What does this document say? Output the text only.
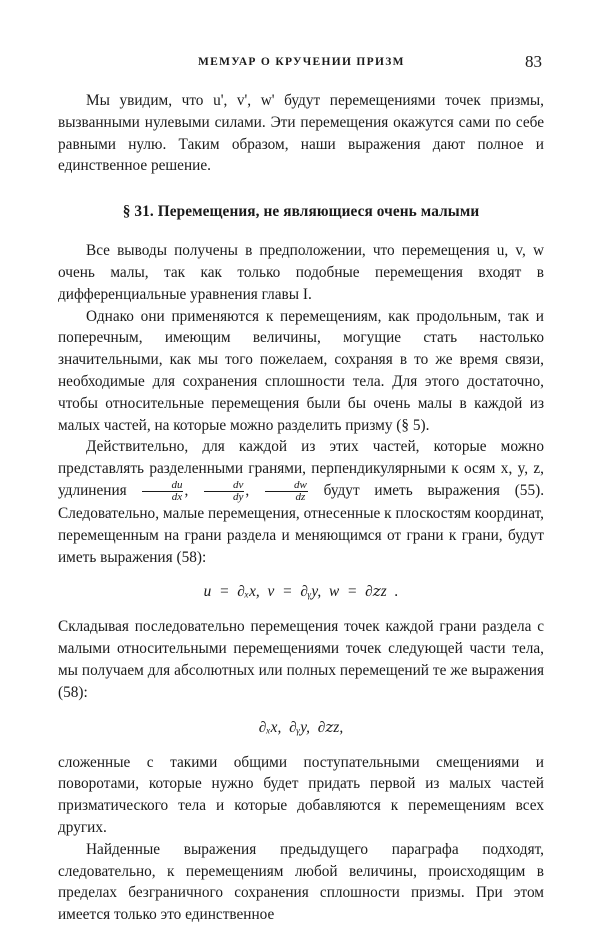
МЕМУАР О КРУЧЕНИИ ПРИЗМ	83

Мы увидим, что u', v', w' будут перемещениями точек призмы, вызванными нулевыми силами. Эти перемещения окажутся сами по себе равными нулю. Таким образом, наши выражения дают полное и единственное решение.

§ 31. Перемещения, не являющиеся очень малыми

Все выводы получены в предположении, что перемещения u, v, w очень малы, так как только подобные перемещения входят в дифференциальные уравнения главы I.

Однако они применяются к перемещениям, как продольным, так и поперечным, имеющим величины, могущие стать настолько значительными, как мы того пожелаем, сохраняя в то же время связи, необходимые для сохранения сплошности тела. Для этого достаточно, чтобы относительные перемещения были бы очень малы в каждой из малых частей, на которые можно разделить призму (§ 5).

Действительно, для каждой из этих частей, которые можно представлять разделенными гранями, перпендикулярными к осям x, y, z, удлинения $\frac{du}{dx}$ , $\frac{dv}{dy}$ , $\frac{dw}{dz}$ будут иметь выражения (55). Следовательно, малые перемещения, отнесенные к плоскостям координат, перемещенным на грани раздела и меняющимся от грани к грани, будут иметь выражения (58):

u = ∂ₓx, v = ∂ᵧy, w = ∂𝑧z .

Складывая последовательно перемещения точек каждой грани раздела с малыми относительными перемещениями точек следующей части тела, мы получаем для абсолютных или полных перемещений те же выражения (58):

∂ₓx, ∂ᵧy, ∂𝑧z,

сложенные с такими общими поступательными смещениями и поворотами, которые нужно будет придать первой из малых частей призматического тела и которые добавляются к перемещениям всех других.

Найденные выражения предыдущего параграфа подходят, следовательно, к перемещениям любой величины, происходящим в пределах безграничного сохранения сплошности призмы. При этом имеется только это единственное
